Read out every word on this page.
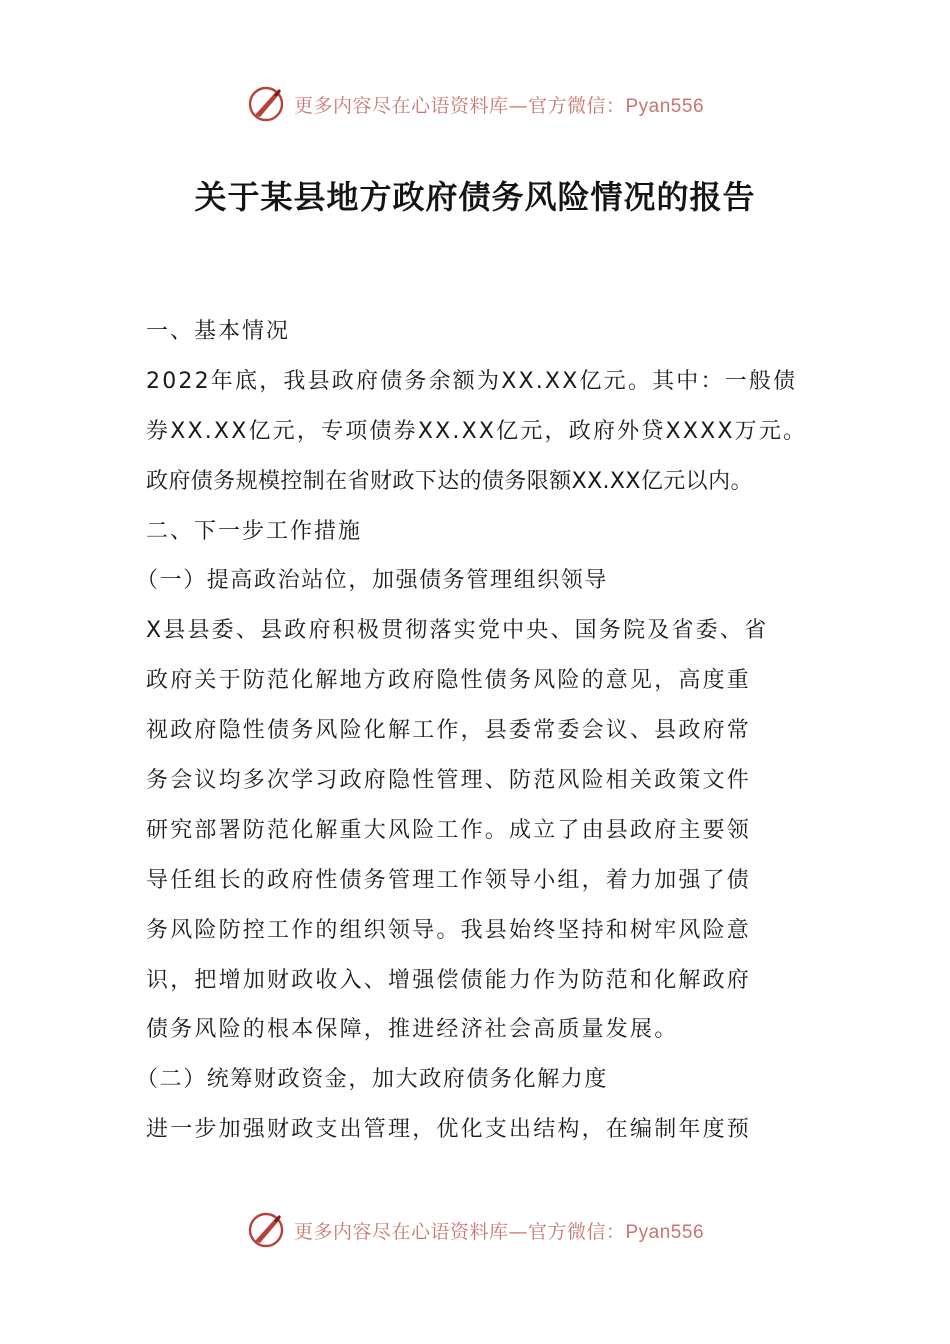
更多内容尽在心语资料库—官方微信：Pyan556
关于某县地方政府债务风险情况的报告

一、基本情况

2022年底，我县政府债务余额为XX.XX亿元。其中：一般债

券XX.XX亿元，专项债券XX.XX亿元，政府外贷XXXX万元。

政府债务规模控制在省财政下达的债务限额XX.XX亿元以内。

二、下一步工作措施

（一）提高政治站位，加强债务管理组织领导

X县县委、县政府积极贯彻落实党中央、国务院及省委、省

政府关于防范化解地方政府隐性债务风险的意见，高度重

视政府隐性债务风险化解工作，县委常委会议、县政府常

务会议均多次学习政府隐性管理、防范风险相关政策文件

研究部署防范化解重大风险工作。成立了由县政府主要领

导任组长的政府性债务管理工作领导小组，着力加强了债

务风险防控工作的组织领导。我县始终坚持和树牢风险意

识，把增加财政收入、增强偿债能力作为防范和化解政府

债务风险的根本保障，推进经济社会高质量发展。

（二）统筹财政资金，加大政府债务化解力度

进一步加强财政支出管理，优化支出结构，在编制年度预

更多内容尽在心语资料库—官方微信：Pyan556
